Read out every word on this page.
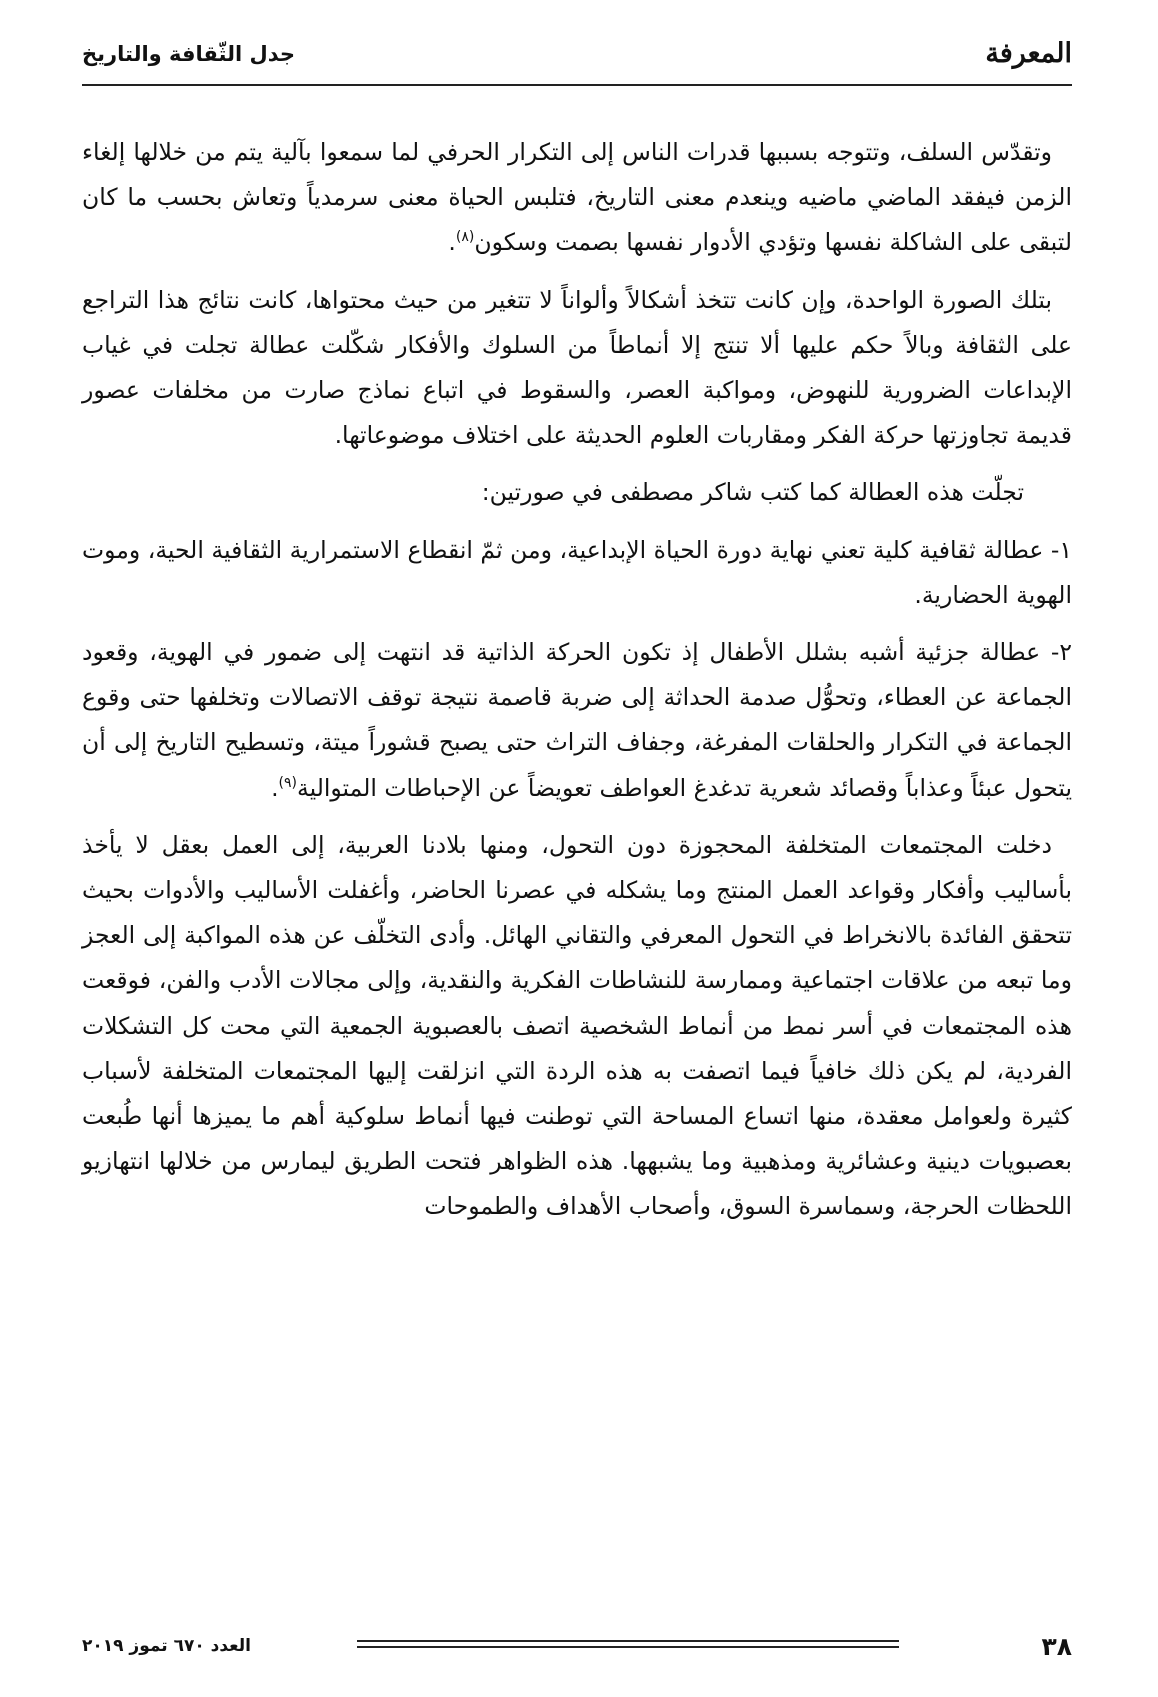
المعرفة
جدل الثّقافة والتاريخ

وتقدّس السلف، وتتوجه بسببها قدرات الناس إلى التكرار الحرفي لما سمعوا بآلية يتم من خلالها إلغاء الزمن فيفقد الماضي ماضيه وينعدم معنى التاريخ، فتلبس الحياة معنى سرمدياً وتعاش بحسب ما كان لتبقى على الشاكلة نفسها وتؤدي الأدوار نفسها بصمت وسكون$^{(٨)}$.

بتلك الصورة الواحدة، وإن كانت تتخذ أشكالاً وألواناً لا تتغير من حيث محتواها، كانت نتائج هذا التراجع على الثقافة وبالاً حكم عليها ألا تنتج إلا أنماطاً من السلوك والأفكار شكّلت عطالة تجلت في غياب الإبداعات الضرورية للنهوض، ومواكبة العصر، والسقوط في اتباع نماذج صارت من مخلفات عصور قديمة تجاوزتها حركة الفكر ومقاربات العلوم الحديثة على اختلاف موضوعاتها.

تجلّت هذه العطالة كما كتب شاكر مصطفى في صورتين:

١- عطالة ثقافية كلية تعني نهاية دورة الحياة الإبداعية، ومن ثمّ انقطاع الاستمرارية الثقافية الحية، وموت الهوية الحضارية.

٢- عطالة جزئية أشبه بشلل الأطفال إذ تكون الحركة الذاتية قد انتهت إلى ضمور في الهوية، وقعود الجماعة عن العطاء، وتحوُّل صدمة الحداثة إلى ضربة قاصمة نتيجة توقف الاتصالات وتخلفها حتى وقوع الجماعة في التكرار والحلقات المفرغة، وجفاف التراث حتى يصبح قشوراً ميتة، وتسطيح التاريخ إلى أن يتحول عبئاً وعذاباً وقصائد شعرية تدغدغ العواطف تعويضاً عن الإحباطات المتوالية$^{(٩)}$.

دخلت المجتمعات المتخلفة المحجوزة دون التحول، ومنها بلادنا العربية، إلى العمل بعقل لا يأخذ بأساليب وأفكار وقواعد العمل المنتج وما يشكله في عصرنا الحاضر، وأغفلت الأساليب والأدوات بحيث تتحقق الفائدة بالانخراط في التحول المعرفي والتقاني الهائل. وأدى التخلّف عن هذه المواكبة إلى العجز وما تبعه من علاقات اجتماعية وممارسة للنشاطات الفكرية والنقدية، وإلى مجالات الأدب والفن، فوقعت هذه المجتمعات في أسر نمط من أنماط الشخصية اتصف بالعصبوية الجمعية التي محت كل التشكلات الفردية، لم يكن ذلك خافياً فيما اتصفت به هذه الردة التي انزلقت إليها المجتمعات المتخلفة لأسباب كثيرة ولعوامل معقدة، منها اتساع المساحة التي توطنت فيها أنماط سلوكية أهم ما يميزها أنها طُبعت بعصبويات دينية وعشائرية ومذهبية وما يشبهها. هذه الظواهر فتحت الطريق ليمارس من خلالها انتهازيو اللحظات الحرجة، وسماسرة السوق، وأصحاب الأهداف والطموحات

٣٨
العدد ٦٧٠ تموز ٢٠١٩
